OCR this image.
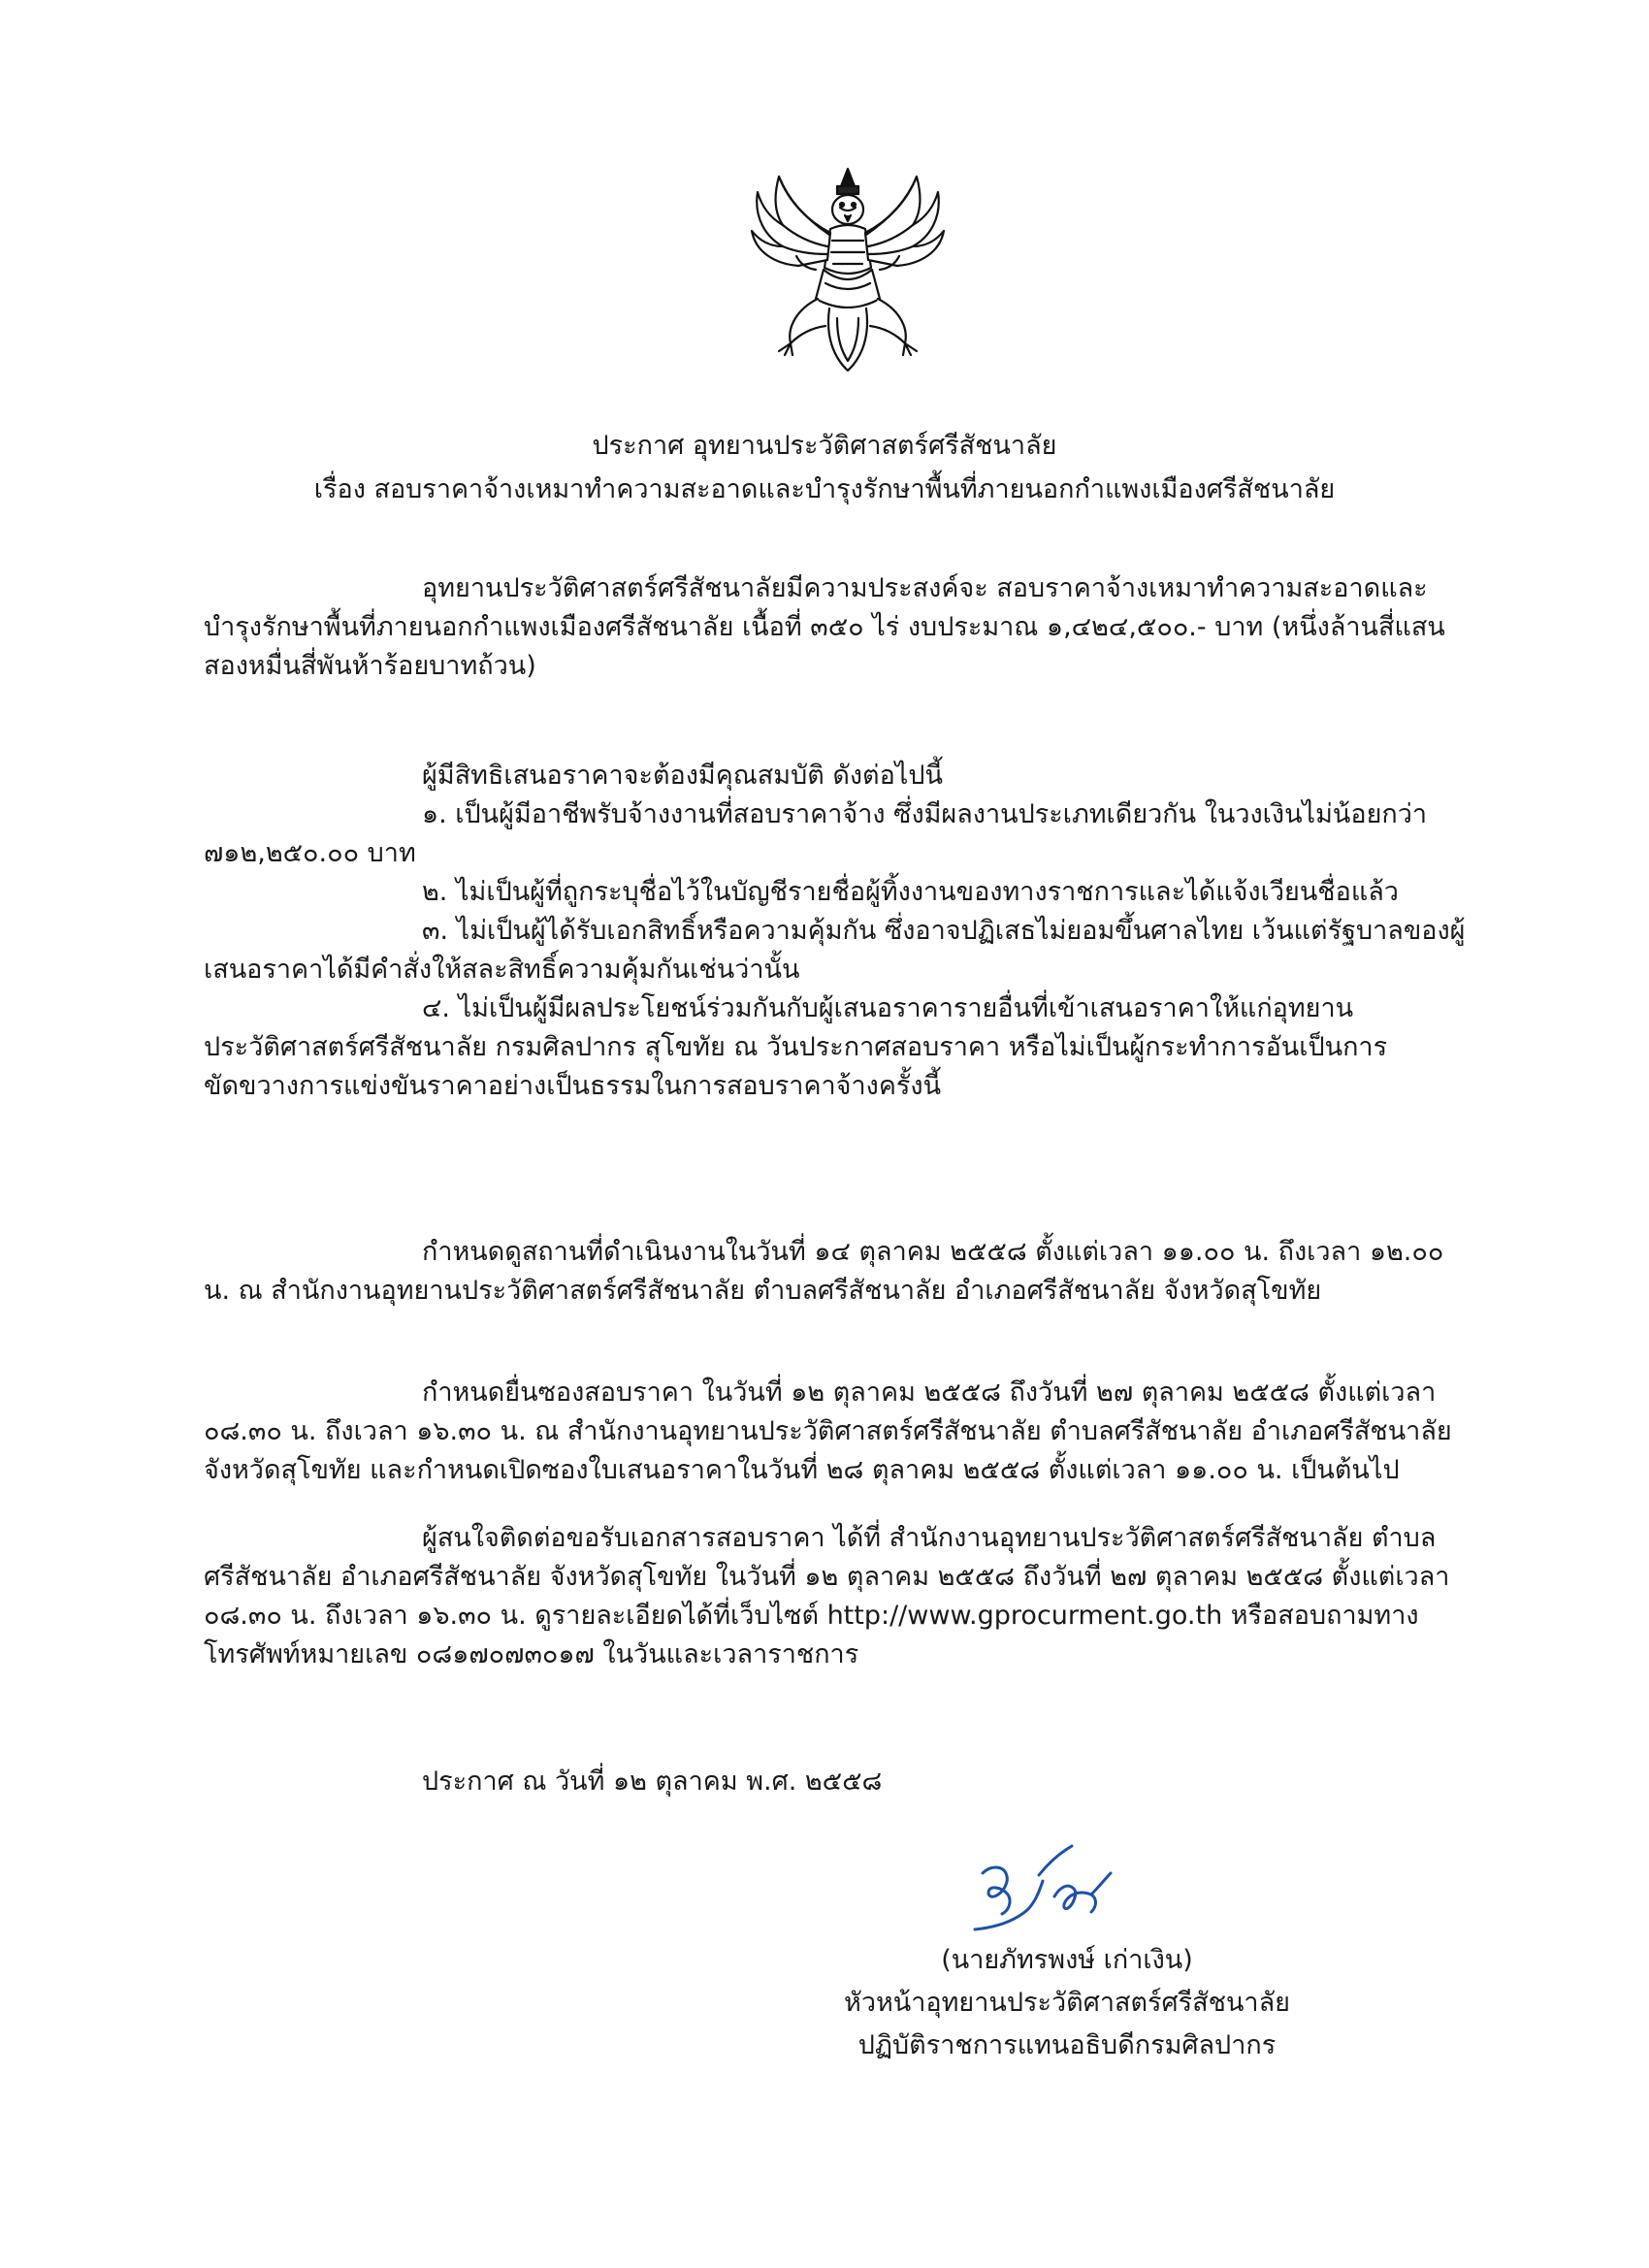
ประกาศ อุทยานประวัติศาสตร์ศรีสัชนาลัย
เรื่อง สอบราคาจ้างเหมาทำความสะอาดและบำรุงรักษาพื้นที่ภายนอกกำแพงเมืองศรีสัชนาลัย
อุทยานประวัติศาสตร์ศรีสัชนาลัยมีความประสงค์จะ สอบราคาจ้างเหมาทำความสะอาดและ
บำรุงรักษาพื้นที่ภายนอกกำแพงเมืองศรีสัชนาลัย เนื้อที่ ๓๕๐ ไร่ งบประมาณ ๑,๔๒๔,๕๐๐.- บาท (หนึ่งล้านสี่แสน
สองหมื่นสี่พันห้าร้อยบาทถ้วน)
ผู้มีสิทธิเสนอราคาจะต้องมีคุณสมบัติ ดังต่อไปนี้
๑. เป็นผู้มีอาชีพรับจ้างงานที่สอบราคาจ้าง ซึ่งมีผลงานประเภทเดียวกัน ในวงเงินไม่น้อยกว่า
๗๑๒,๒๕๐.๐๐ บาท
๒. ไม่เป็นผู้ที่ถูกระบุชื่อไว้ในบัญชีรายชื่อผู้ทิ้งงานของทางราชการและได้แจ้งเวียนชื่อแล้ว
๓. ไม่เป็นผู้ได้รับเอกสิทธิ์หรือความคุ้มกัน ซึ่งอาจปฏิเสธไม่ยอมขึ้นศาลไทย เว้นแต่รัฐบาลของผู้
เสนอราคาได้มีคำสั่งให้สละสิทธิ์ความคุ้มกันเช่นว่านั้น
๔. ไม่เป็นผู้มีผลประโยชน์ร่วมกันกับผู้เสนอราคารายอื่นที่เข้าเสนอราคาให้แก่อุทยาน
ประวัติศาสตร์ศรีสัชนาลัย กรมศิลปากร สุโขทัย ณ วันประกาศสอบราคา หรือไม่เป็นผู้กระทำการอันเป็นการ
ขัดขวางการแข่งขันราคาอย่างเป็นธรรมในการสอบราคาจ้างครั้งนี้
กำหนดดูสถานที่ดำเนินงานในวันที่ ๑๔ ตุลาคม ๒๕๕๘ ตั้งแต่เวลา ๑๑.๐๐ น. ถึงเวลา ๑๒.๐๐
น. ณ สำนักงานอุทยานประวัติศาสตร์ศรีสัชนาลัย ตำบลศรีสัชนาลัย อำเภอศรีสัชนาลัย จังหวัดสุโขทัย
กำหนดยื่นซองสอบราคา ในวันที่ ๑๒ ตุลาคม ๒๕๕๘ ถึงวันที่ ๒๗ ตุลาคม ๒๕๕๘ ตั้งแต่เวลา
๐๘.๓๐ น. ถึงเวลา ๑๖.๓๐ น. ณ สำนักงานอุทยานประวัติศาสตร์ศรีสัชนาลัย ตำบลศรีสัชนาลัย อำเภอศรีสัชนาลัย
จังหวัดสุโขทัย และกำหนดเปิดซองใบเสนอราคาในวันที่ ๒๘ ตุลาคม ๒๕๕๘ ตั้งแต่เวลา ๑๑.๐๐ น. เป็นต้นไป
ผู้สนใจติดต่อขอรับเอกสารสอบราคา ได้ที่ สำนักงานอุทยานประวัติศาสตร์ศรีสัชนาลัย ตำบล
ศรีสัชนาลัย อำเภอศรีสัชนาลัย จังหวัดสุโขทัย ในวันที่ ๑๒ ตุลาคม ๒๕๕๘ ถึงวันที่ ๒๗ ตุลาคม ๒๕๕๘ ตั้งแต่เวลา
๐๘.๓๐ น. ถึงเวลา ๑๖.๓๐ น. ดูรายละเอียดได้ที่เว็บไซต์ http://www.gprocurment.go.th หรือสอบถามทาง
โทรศัพท์หมายเลข ๐๘๑๗๐๗๓๐๑๗ ในวันและเวลาราชการ
ประกาศ ณ วันที่ ๑๒ ตุลาคม พ.ศ. ๒๕๕๘
(นายภัทรพงษ์ เก่าเงิน)
หัวหน้าอุทยานประวัติศาสตร์ศรีสัชนาลัย
ปฏิบัติราชการแทนอธิบดีกรมศิลปากร
